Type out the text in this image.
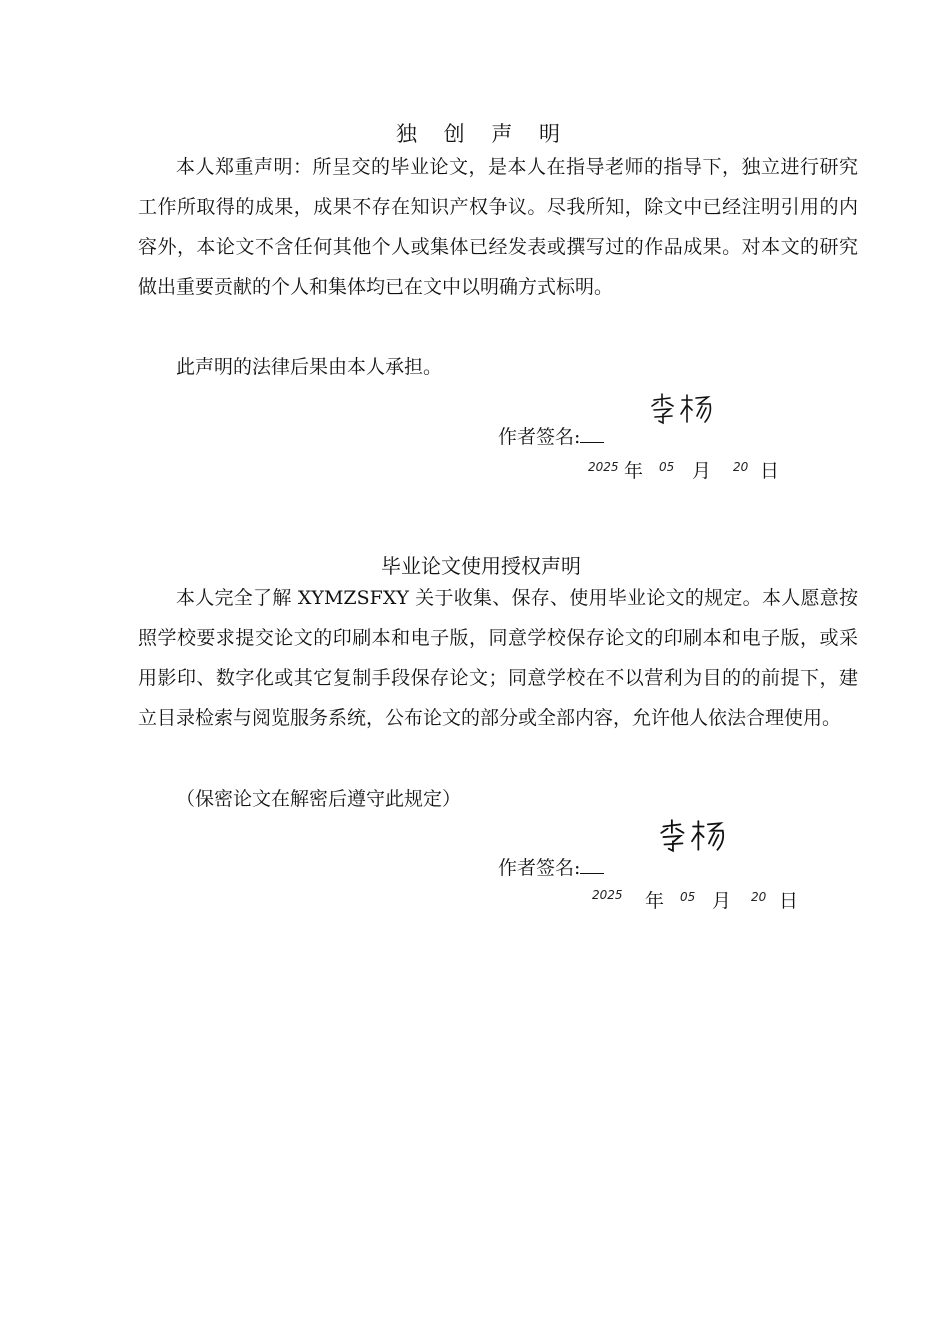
独 创 声 明

本人郑重声明：所呈交的毕业论文，是本人在指导老师的指导下，独立进行研究工作所取得的成果，成果不存在知识产权争议。尽我所知，除文中已经注明引用的内容外，本论文不含任何其他个人或集体已经发表或撰写过的作品成果。对本文的研究做出重要贡献的个人和集体均已在文中以明确方式标明。

此声明的法律后果由本人承担。

作者签名:
2025 年 05 月 20 日
毕业论文使用授权声明

本人完全了解 XYMZSFXY 关于收集、保存、使用毕业论文的规定。本人愿意按照学校要求提交论文的印刷本和电子版，同意学校保存论文的印刷本和电子版，或采用影印、数字化或其它复制手段保存论文；同意学校在不以营利为目的的前提下，建立目录检索与阅览服务系统，公布论文的部分或全部内容，允许他人依法合理使用。

（保密论文在解密后遵守此规定）

作者签名:
2025 年 05 月 20 日
